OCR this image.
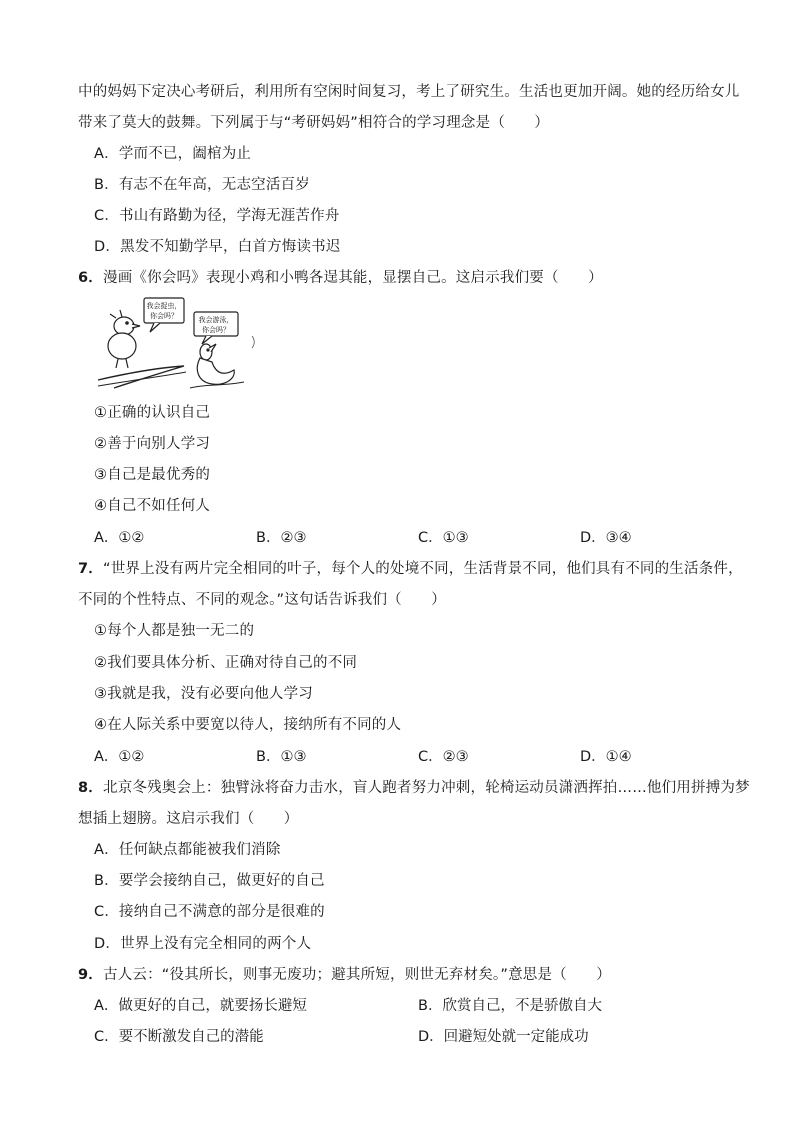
中的妈妈下定决心考研后，利用所有空闲时间复习，考上了研究生。生活也更加开阔。她的经历给女儿
带来了莫大的鼓舞。下列属于与“考研妈妈”相符合的学习理念是（　　）
A．学而不已，阖棺为止
B．有志不在年高，无志空活百岁
C．书山有路勤为径，学海无涯苦作舟
D．黑发不知勤学早，白首方悔读书迟
6．漫画《你会吗》表现小鸡和小鸭各逞其能，显摆自己。这启示我们要（　　）
我会捉虫，
你会吗？	我会游泳，
你会吗？
①正确的认识自己
②善于向别人学习
③自己是最优秀的
④自己不如任何人
A．①②	B．②③	C．①③	D．③④
7．“世界上没有两片完全相同的叶子，每个人的处境不同，生活背景不同，他们具有不同的生活条件，
不同的个性特点、不同的观念。”这句话告诉我们（　　）
①每个人都是独一无二的
②我们要具体分析、正确对待自己的不同
③我就是我，没有必要向他人学习
④在人际关系中要宽以待人，接纳所有不同的人
A．①②	B．①③	C．②③	D．①④
8．北京冬残奥会上：独臂泳将奋力击水，盲人跑者努力冲刺，轮椅运动员潇洒挥拍……他们用拼搏为梦
想插上翅膀。这启示我们（　　）
A．任何缺点都能被我们消除
B．要学会接纳自己，做更好的自己
C．接纳自己不满意的部分是很难的
D．世界上没有完全相同的两个人
9．古人云：“役其所长，则事无废功；避其所短，则世无弃材矣。”意思是（　　）
A．做更好的自己，就要扬长避短	B．欣赏自己，不是骄傲自大
C．要不断激发自己的潜能	D．回避短处就一定能成功
